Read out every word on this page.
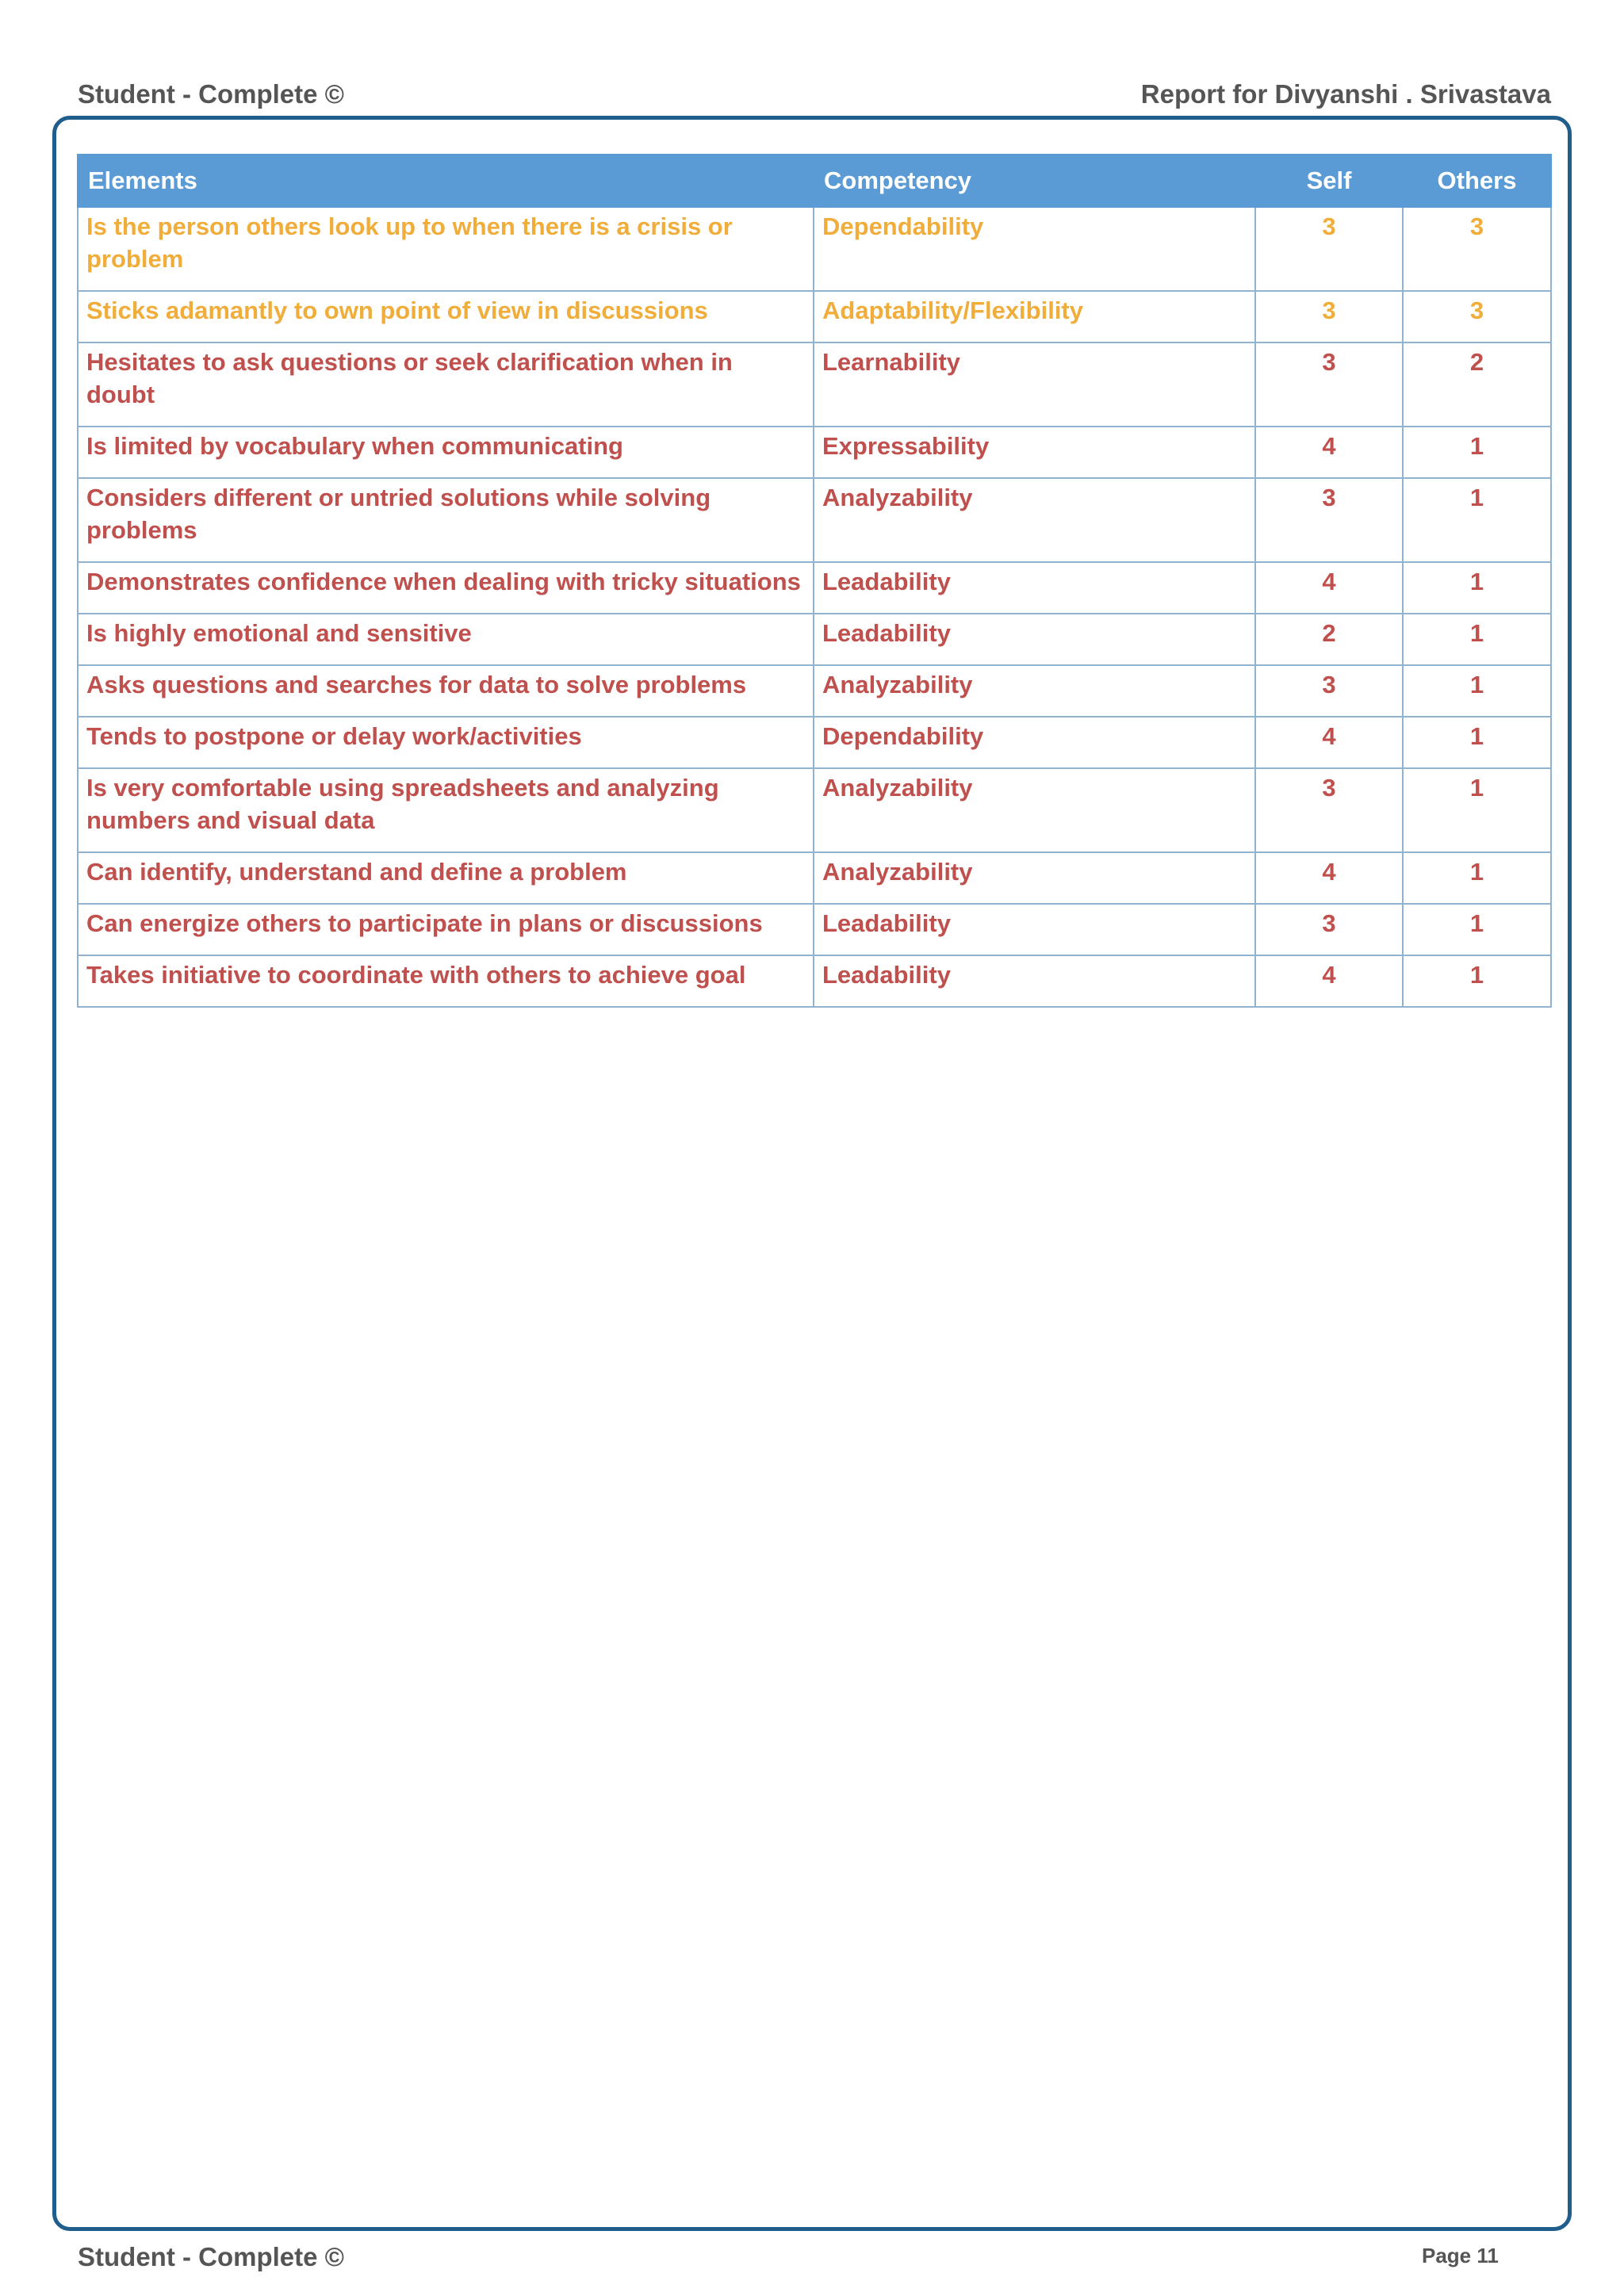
Student - Complete ©	Report for Divyanshi . Srivastava
Elements	Competency	Self	Others
Is the person others look up to when there is a crisis or problem	Dependability	3	3
Sticks adamantly to own point of view in discussions	Adaptability/Flexibility	3	3
Hesitates to ask questions or seek clarification when in doubt	Learnability	3	2
Is limited by vocabulary when communicating	Expressability	4	1
Considers different or untried solutions while solving problems	Analyzability	3	1
Demonstrates confidence when dealing with tricky situations	Leadability	4	1
Is highly emotional and sensitive	Leadability	2	1
Asks questions and searches for data to solve problems	Analyzability	3	1
Tends to postpone or delay work/activities	Dependability	4	1
Is very comfortable using spreadsheets and analyzing numbers and visual data	Analyzability	3	1
Can identify, understand and define a problem	Analyzability	4	1
Can energize others to participate in plans or discussions	Leadability	3	1
Takes initiative to coordinate with others to achieve goal	Leadability	4	1
Student - Complete ©	Page 11
